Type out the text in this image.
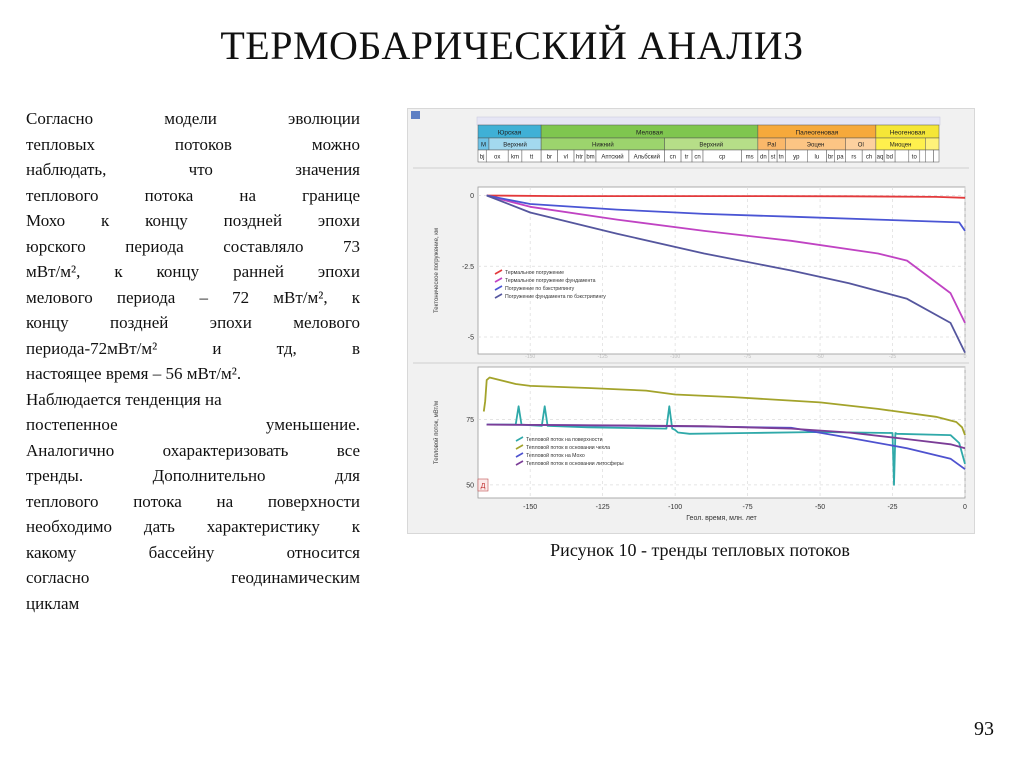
ТЕРМОБАРИЧЕСКИЙ АНАЛИЗ
Согласно модели эволюции
тепловых потоков можно
наблюдать, что значения
теплового потока на границе
Мохо к концу поздней эпохи
юрского периода составляло 73
мВт/м², к концу ранней эпохи
мелового периода – 72 мВт/м², к
концу поздней эпохи мелового
периода-72мВт/м² и тд, в
настоящее время – 56 мВт/м².
Наблюдается тенденция на
постепенное уменьшение.
Аналогично охарактеризовать все
тренды. Дополнительно для
теплового потока на поверхности
необходимо дать характеристику к
какому бассейну относится
согласно геодинамическим
циклам
Юрская	Меловая	Палеогеновая	Неогеновая
М	Верхний	Нижний	Верхний	Pal	Эоцен	Ol	Миоцен
bj ox km tt br vl htr bm Аптский Альбский cn tr cn	cp	ms dn st tn yp	lu br pa rs ch aq bd	to
-150	-125	-100	-75	-50	-25	0
0
-2.5
-5
Тектоническое погружение, км	Термальное погружение
Термальное погружение фундамента
Погружение по бэкстрипингу
Погружение фундамента по бэкстрипингу
-150	-125	-100	-75	-50	-25	0
75
50
Тепловой поток, мВт/м
Геол. время, млн. лет
Тепловой поток на поверхности
Тепловой поток в основании чехла
Тепловой поток на Мохо
Тепловой поток в основании литосферы
Д
Рисунок 10 - тренды тепловых потоков
93
